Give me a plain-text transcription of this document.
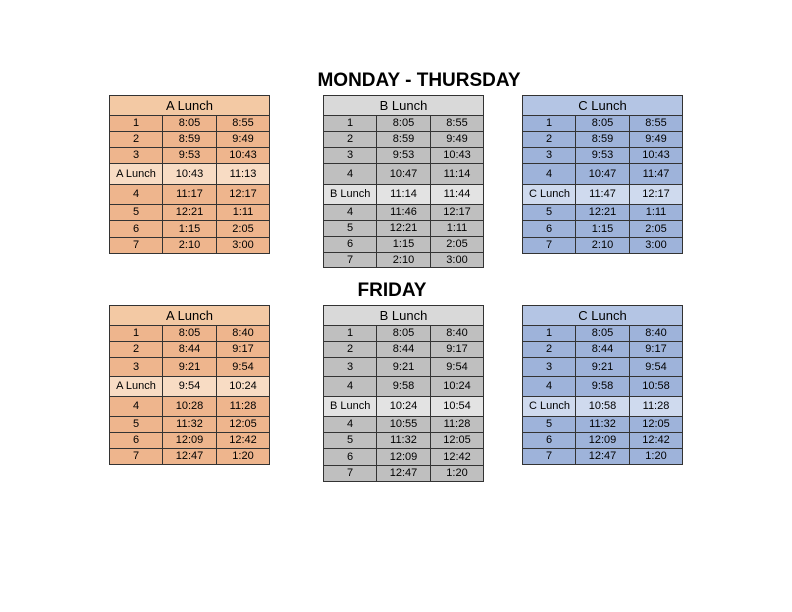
MONDAY - THURSDAY
FRIDAY
A Lunch		
1	8:05	8:55
2	8:59	9:49
3	9:53	10:43
A Lunch	10:43	11:13
4	11:17	12:17
5	12:21	1:11
6	1:15	2:05
7	2:10	3:00
B Lunch		
1	8:05	8:55
2	8:59	9:49
3	9:53	10:43
4	10:47	11:14
B Lunch	11:14	11:44
4	11:46	12:17
5	12:21	1:11
6	1:15	2:05
7	2:10	3:00
C Lunch		
1	8:05	8:55
2	8:59	9:49
3	9:53	10:43
4	10:47	11:47
C Lunch	11:47	12:17
5	12:21	1:11
6	1:15	2:05
7	2:10	3:00
A Lunch		
1	8:05	8:40
2	8:44	9:17
3	9:21	9:54
A Lunch	9:54	10:24
4	10:28	11:28
5	11:32	12:05
6	12:09	12:42
7	12:47	1:20
B Lunch		
1	8:05	8:40
2	8:44	9:17
3	9:21	9:54
4	9:58	10:24
B Lunch	10:24	10:54
4	10:55	11:28
5	11:32	12:05
6	12:09	12:42
7	12:47	1:20
C Lunch		
1	8:05	8:40
2	8:44	9:17
3	9:21	9:54
4	9:58	10:58
C Lunch	10:58	11:28
5	11:32	12:05
6	12:09	12:42
7	12:47	1:20
